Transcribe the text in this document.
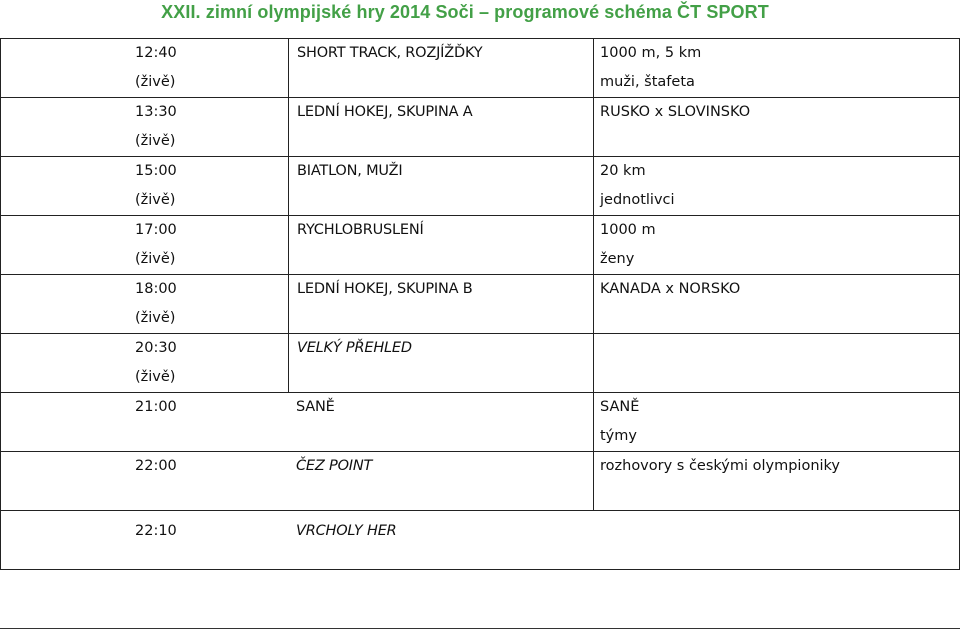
XXII. zimní olympijské hry 2014 Soči – programové schéma ČT SPORT
12:40
(živě)	SHORT TRACK, ROZJÍŽĎKY	1000 m, 5 km
muži, štafeta

13:30
(živě)	LEDNÍ HOKEJ, SKUPINA A	RUSKO x SLOVINSKO

15:00
(živě)	BIATLON, MUŽI	20 km
jednotlivci

17:00
(živě)	RYCHLOBRUSLENÍ	1000 m
ženy

18:00
(živě)	LEDNÍ HOKEJ, SKUPINA B	KANADA x NORSKO

20:30
(živě)	VELKÝ PŘEHLED	
21:00 SANĚ		SANĚ
týmy

22:00 ČEZ POINT		rozhovory s českými olympioniky

22:10 VRCHOLY HER		
